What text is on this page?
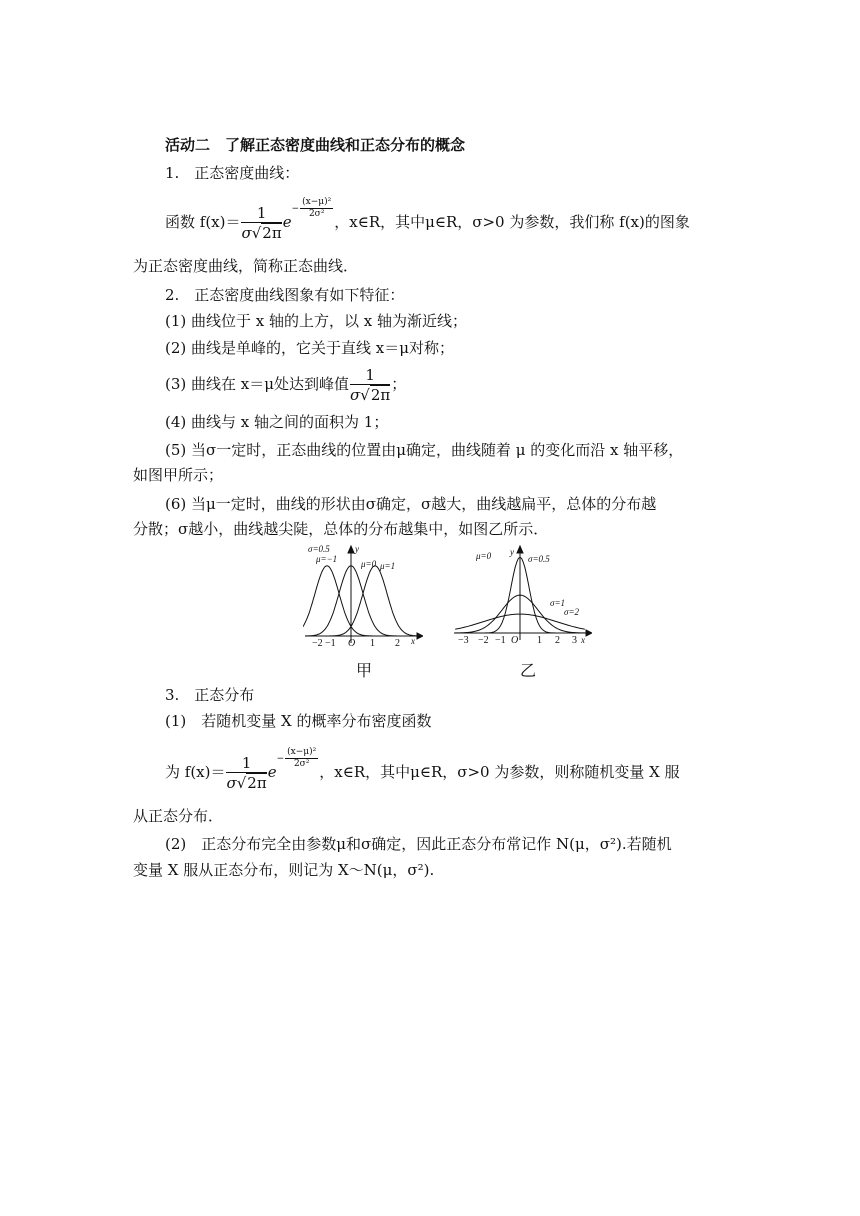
活动二　了解正态密度曲线和正态分布的概念
1.　正态密度曲线：
函数 $f(x)= \frac{1}{\sigma√2\pi} e^{- \frac{\text{(x−μ)²}}{\text{2σ²}}}$
，x∈R，其中μ∈R，σ>0 为参数，我们称 f(x)的图象
为正态密度曲线，简称正态曲线．
2.　正态密度曲线图象有如下特征：
(1) 曲线位于 x 轴的上方，以 x 轴为渐近线；
(2) 曲线是单峰的，它关于直线 x＝μ对称；
(3) 曲线在 x＝μ处达到峰值 $\frac{1}{\sigma√2\pi}$ ；
(4) 曲线与 x 轴之间的面积为 1；
(5) 当σ一定时，正态曲线的位置由μ确定，曲线随着 μ 的变化而沿 x 轴平移，
如图甲所示；
(6) 当μ一定时，曲线的形状由σ确定，σ越大，曲线越扁平，总体的分布越
分散；σ越小，曲线越尖陡，总体的分布越集中，如图乙所示．
σ=0.5	y
μ=−1	μ=0 μ=1
x
−2 −1 O 1 2
甲
μ=0 y
σ=0.5
σ=1
σ=2
x
−3 −2 −1 O 1 2 3
乙
3.　正态分布
(1)　若随机变量 X 的概率分布密度函数
为 $f(x)= \frac{1}{\sigma√2\pi} e^{- \frac{\text{(x−μ)²}}{\text{2σ²}}}$
，x∈R，其中μ∈R，σ>0 为参数，则称随机变量 X 服
从正态分布．
(2)　正态分布完全由参数μ和σ确定，因此正态分布常记作 N(μ，σ²).若随机
变量 X 服从正态分布，则记为 X～N(μ，σ²).
